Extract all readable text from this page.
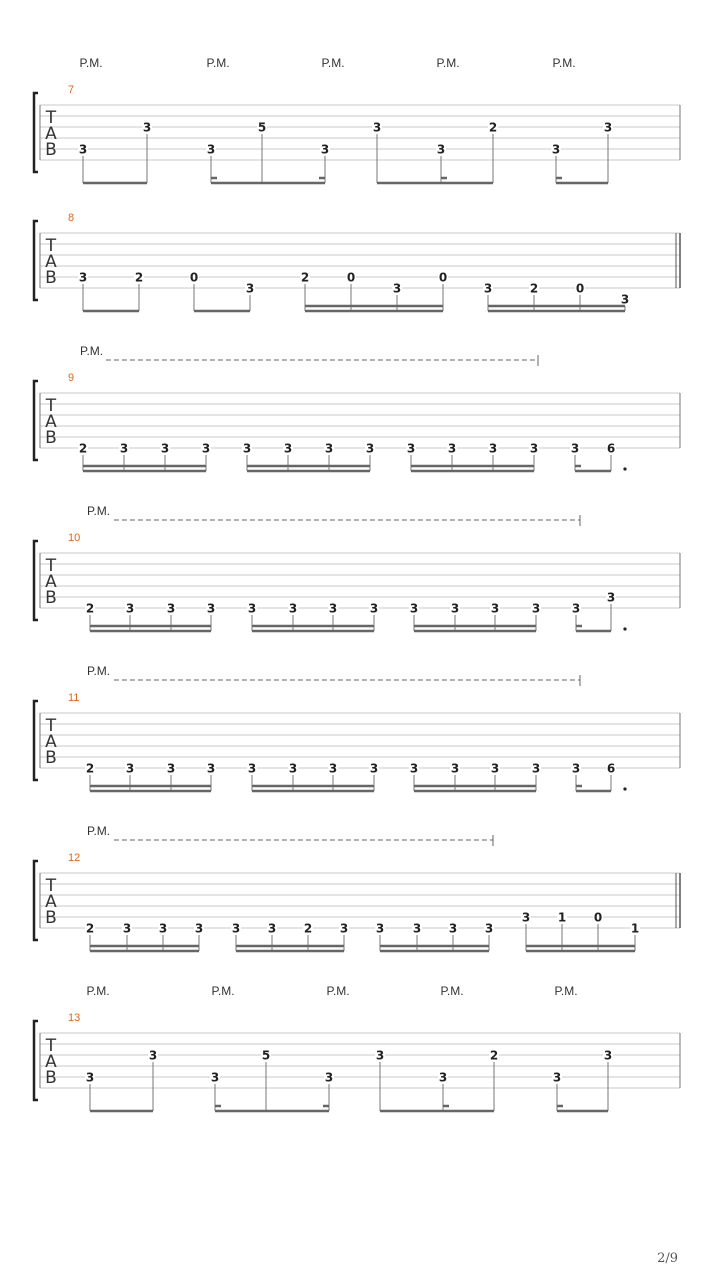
P.M.	P.M.	P.M.	P.M.	P.M.
7
T
A
B 3
3
3
5
3
3
3
2
3
3
8
T
A
B 3	2	0
3
2	0
3
0
3	2	0
3
P.M.
9
T
A
B
2	3	3	3	3	3	3	3	3	3	3	3	3 6
P.M.
10
T
A
B
2	3	3	3	3	3	3	3	3	3	3	3	3
3
P.M.
11
T
A
B
2	3	3	3	3	3	3	3	3	3	3	3	3 6
P.M.
12
T
A
B
2 3 3 3 3 3 2 3 3 3 3 3
3 1 0
1
P.M.	P.M.	P.M.	P.M.	P.M.
13
T
A
B 3
3
3
5
3
3
3
2
3
3
2/9
